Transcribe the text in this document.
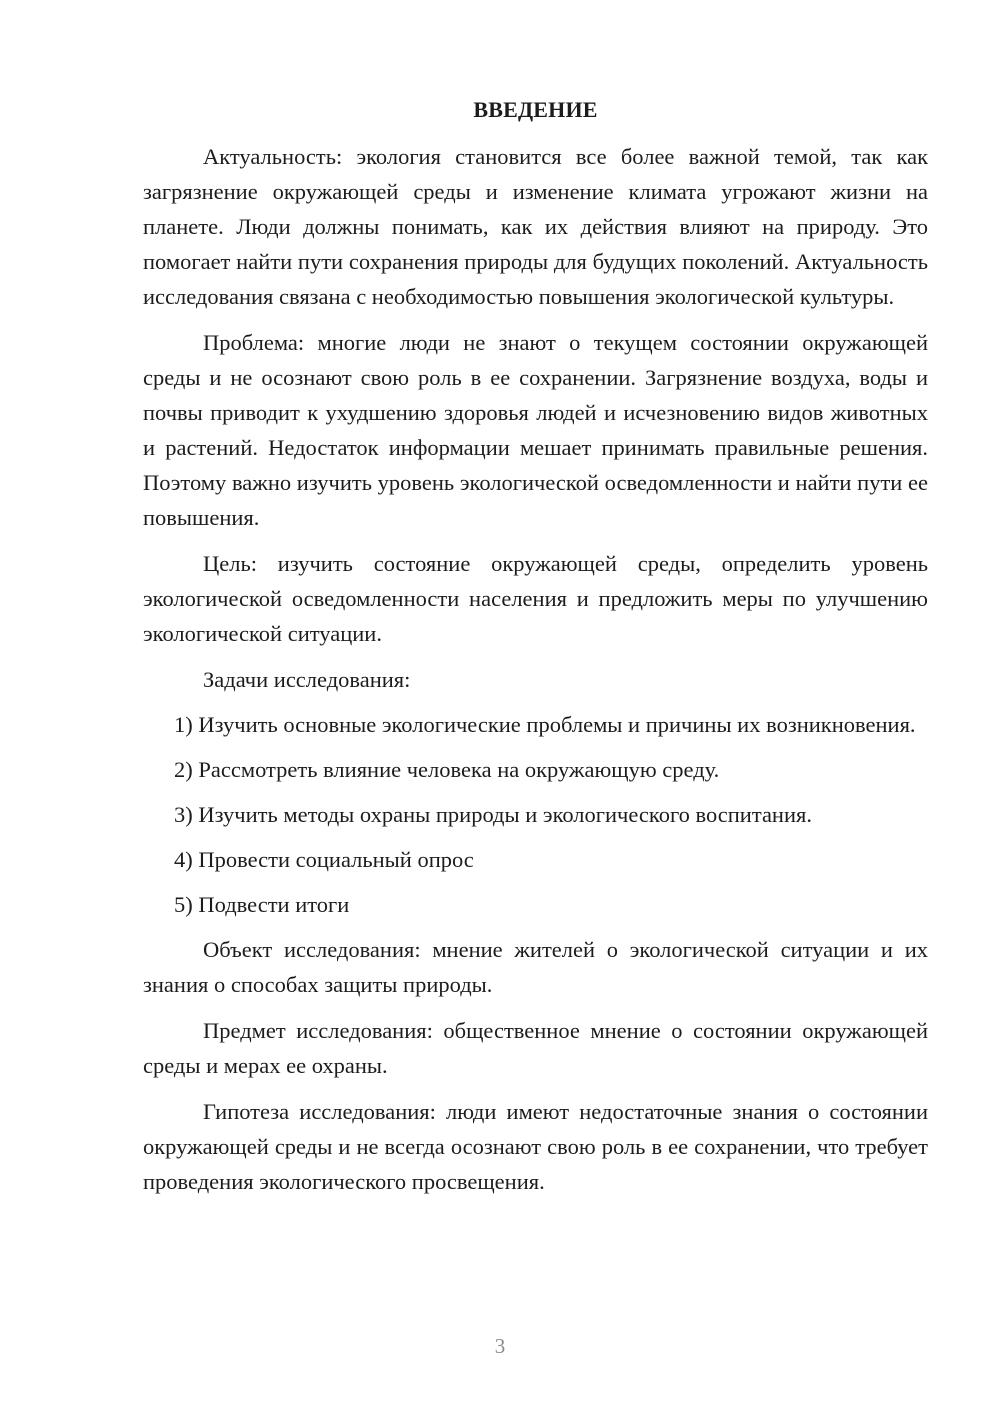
ВВЕДЕНИЕ

Актуальность: экология становится все более важной темой, так как загрязнение окружающей среды и изменение климата угрожают жизни на планете. Люди должны понимать, как их действия влияют на природу. Это помогает найти пути сохранения природы для будущих поколений. Актуальность исследования связана с необходимостью повышения экологической культуры.

Проблема: многие люди не знают о текущем состоянии окружающей среды и не осознают свою роль в ее сохранении. Загрязнение воздуха, воды и почвы приводит к ухудшению здоровья людей и исчезновению видов животных и растений. Недостаток информации мешает принимать правильные решения. Поэтому важно изучить уровень экологической осведомленности и найти пути ее повышения.

Цель: изучить состояние окружающей среды, определить уровень экологической осведомленности населения и предложить меры по улучшению экологической ситуации.

Задачи исследования:

1) Изучить основные экологические проблемы и причины их возникновения.

2) Рассмотреть влияние человека на окружающую среду.

3) Изучить методы охраны природы и экологического воспитания.

4) Провести социальный опрос

5) Подвести итоги

Объект исследования: мнение жителей о экологической ситуации и их знания о способах защиты природы.

Предмет исследования: общественное мнение о состоянии окружающей среды и мерах ее охраны.

Гипотеза исследования: люди имеют недостаточные знания о состоянии окружающей среды и не всегда осознают свою роль в ее сохранении, что требует проведения экологического просвещения.

3
